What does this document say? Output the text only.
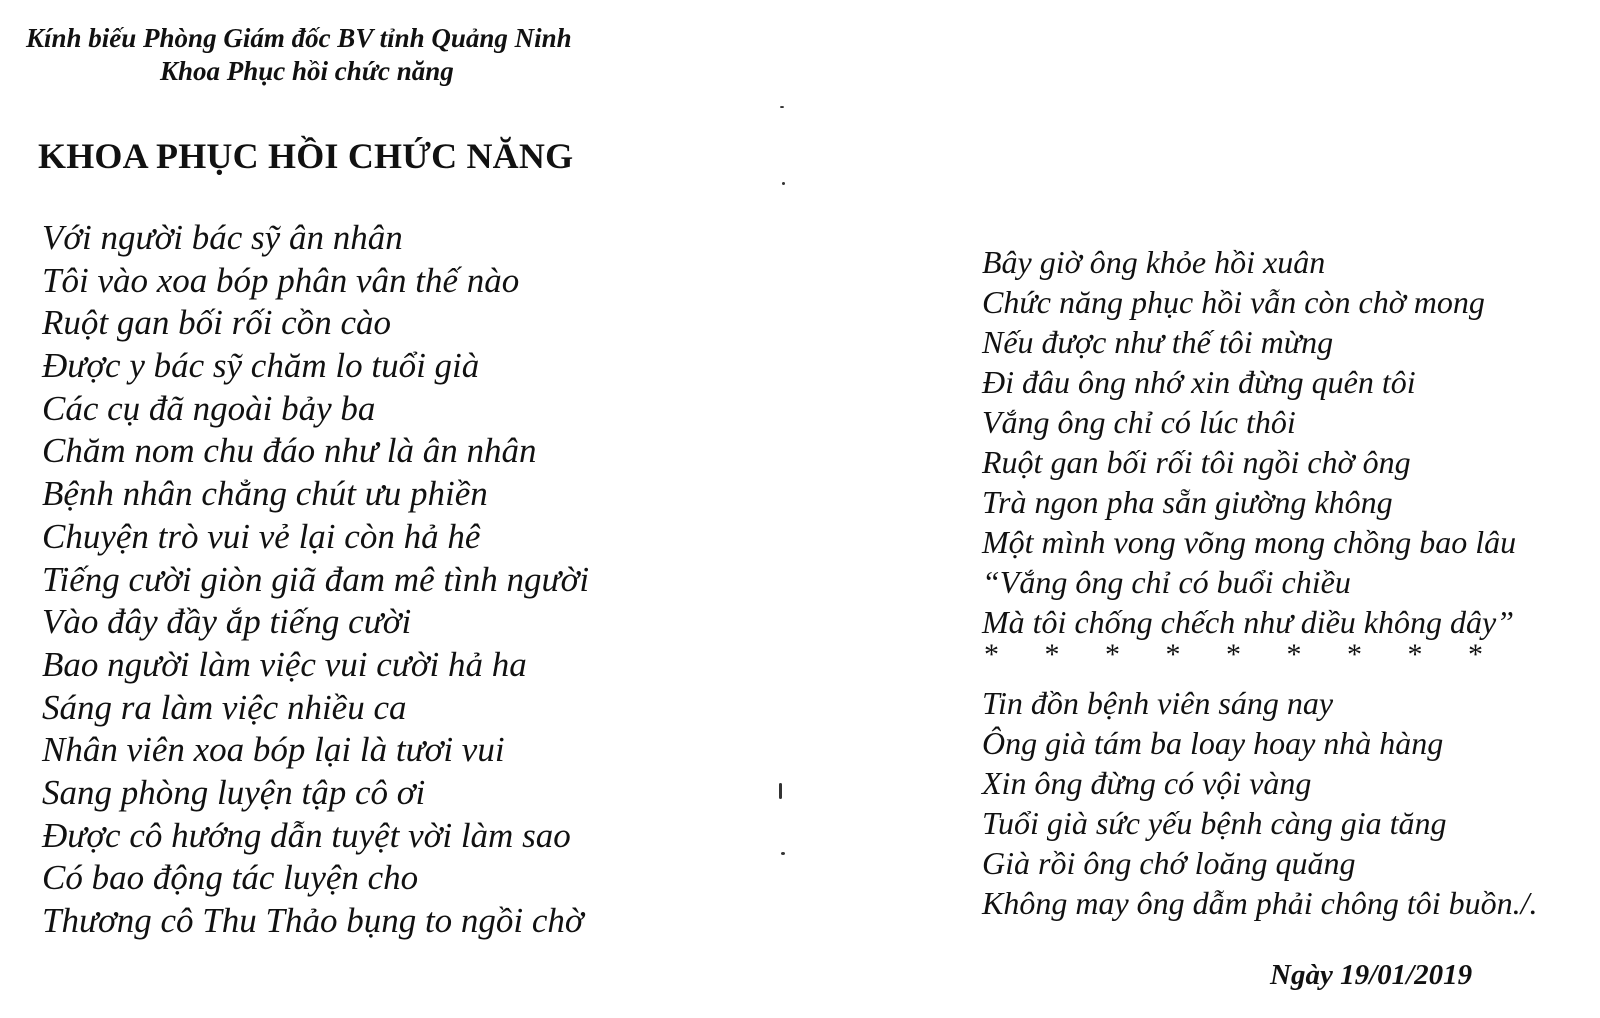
Kính biếu Phòng Giám đốc BV tỉnh Quảng Ninh
Khoa Phục hồi chức năng
KHOA PHỤC HỒI CHỨC NĂNG
Với người bác sỹ ân nhân
Tôi vào xoa bóp phân vân thế nào
Ruột gan bối rối cồn cào
Được y bác sỹ chăm lo tuổi già
Các cụ đã ngoài bảy ba
Chăm nom chu đáo như là ân nhân
Bệnh nhân chẳng chút ưu phiền
Chuyện trò vui vẻ lại còn hả hê
Tiếng cười giòn giã đam mê tình người
Vào đây đầy ắp tiếng cười
Bao người làm việc vui cười hả ha
Sáng ra làm việc nhiều ca
Nhân viên xoa bóp lại là tươi vui
Sang phòng luyện tập cô ơi
Được cô hướng dẫn tuyệt vời làm sao
Có bao động tác luyện cho
Thương cô Thu Thảo bụng to ngồi chờ
Bây giờ ông khỏe hồi xuân
Chức năng phục hồi vẫn còn chờ mong
Nếu được như thế tôi mừng
Đi đâu ông nhớ xin đừng quên tôi
Vắng ông chỉ có lúc thôi
Ruột gan bối rối tôi ngồi chờ ông
Trà ngon pha sẵn giường không
Một mình vong võng mong chồng bao lâu
“Vắng ông chỉ có buổi chiều
Mà tôi chống chếch như diều không dây”
* * * * * * * * *
Tin đồn bệnh viên sáng nay
Ông già tám ba loay hoay nhà hàng
Xin ông đừng có vội vàng
Tuổi già sức yếu bệnh càng gia tăng
Già rồi ông chớ loăng quăng
Không may ông dẫm phải chông tôi buồn./.
Ngày 19/01/2019
